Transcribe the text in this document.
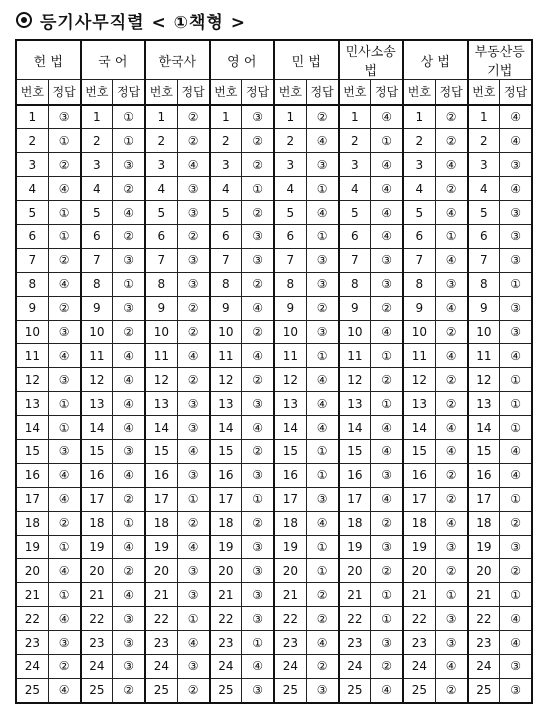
등기사무직렬 < ①책형 >
헌 법		국 어		한국사		영 어		민 법		민사소송법		상 법		부동산등기법	
번호	정답	번호	정답	번호	정답	번호	정답	번호	정답	번호	정답	번호	정답	번호	정답
1	③	1	①	1	②	1	③	1	②	1	④	1	②	1	④
2	①	2	①	2	②	2	②	2	④	2	①	2	②	2	④
3	②	3	③	3	④	3	②	3	③	3	④	3	④	3	③
4	④	4	②	4	③	4	①	4	①	4	④	4	②	4	④
5	①	5	④	5	③	5	②	5	④	5	④	5	④	5	③
6	①	6	②	6	②	6	③	6	①	6	④	6	①	6	③
7	②	7	③	7	③	7	③	7	③	7	③	7	④	7	③
8	④	8	①	8	③	8	②	8	③	8	③	8	③	8	①
9	②	9	③	9	②	9	④	9	②	9	②	9	④	9	③
10	③	10	②	10	②	10	②	10	③	10	④	10	②	10	③
11	④	11	④	11	④	11	④	11	①	11	①	11	④	11	④
12	③	12	④	12	②	12	②	12	④	12	②	12	②	12	①
13	①	13	④	13	③	13	③	13	④	13	①	13	②	13	①
14	①	14	④	14	③	14	④	14	④	14	④	14	④	14	①
15	③	15	③	15	④	15	②	15	①	15	④	15	④	15	④
16	④	16	④	16	③	16	③	16	①	16	③	16	②	16	④
17	④	17	②	17	①	17	①	17	③	17	④	17	②	17	①
18	②	18	①	18	②	18	②	18	④	18	②	18	④	18	②
19	①	19	④	19	④	19	③	19	①	19	③	19	③	19	③
20	④	20	②	20	③	20	③	20	①	20	②	20	②	20	②
21	①	21	④	21	③	21	③	21	②	21	①	21	①	21	①
22	④	22	③	22	①	22	③	22	②	22	①	22	③	22	④
23	③	23	③	23	④	23	①	23	④	23	③	23	③	23	④
24	②	24	③	24	③	24	④	24	②	24	②	24	④	24	③
25	④	25	②	25	②	25	③	25	③	25	④	25	②	25	③
